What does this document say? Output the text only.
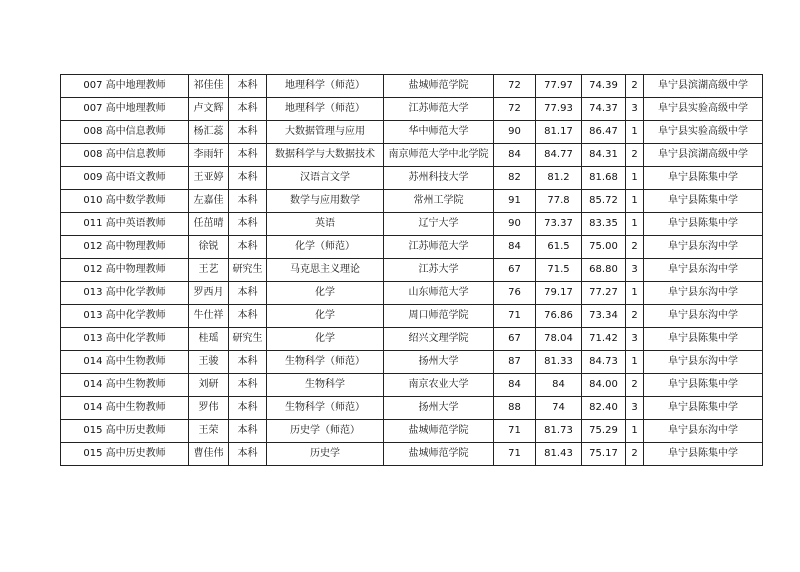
007 高中地理教师	祁佳佳	本科	地理科学（师范）	盐城师范学院	72	77.97	74.39	2	阜宁县滨湖高级中学
007 高中地理教师	卢文辉	本科	地理科学（师范）	江苏师范大学	72	77.93	74.37	3	阜宁县实验高级中学
008 高中信息教师	杨汇蕊	本科	大数据管理与应用	华中师范大学	90	81.17	86.47	1	阜宁县实验高级中学
008 高中信息教师	李雨轩	本科	数据科学与大数据技术	南京师范大学中北学院	84	84.77	84.31	2	阜宁县滨湖高级中学
009 高中语文教师	王亚婷	本科	汉语言文学	苏州科技大学	82	81.2	81.68	1	阜宁县陈集中学
010 高中数学教师	左嘉佳	本科	数学与应用数学	常州工学院	91	77.8	85.72	1	阜宁县陈集中学
011 高中英语教师	任茁晴	本科	英语	辽宁大学	90	73.37	83.35	1	阜宁县陈集中学
012 高中物理教师	徐锐	本科	化学（师范）	江苏师范大学	84	61.5	75.00	2	阜宁县东沟中学
012 高中物理教师	王艺	研究生	马克思主义理论	江苏大学	67	71.5	68.80	3	阜宁县东沟中学
013 高中化学教师	罗西月	本科	化学	山东师范大学	76	79.17	77.27	1	阜宁县东沟中学
013 高中化学教师	牛仕祥	本科	化学	周口师范学院	71	76.86	73.34	2	阜宁县东沟中学
013 高中化学教师	桂瑶	研究生	化学	绍兴文理学院	67	78.04	71.42	3	阜宁县陈集中学
014 高中生物教师	王骏	本科	生物科学（师范）	扬州大学	87	81.33	84.73	1	阜宁县东沟中学
014 高中生物教师	刘研	本科	生物科学	南京农业大学	84	84	84.00	2	阜宁县陈集中学
014 高中生物教师	罗伟	本科	生物科学（师范）	扬州大学	88	74	82.40	3	阜宁县陈集中学
015 高中历史教师	王荣	本科	历史学（师范）	盐城师范学院	71	81.73	75.29	1	阜宁县东沟中学
015 高中历史教师	曹佳伟	本科	历史学	盐城师范学院	71	81.43	75.17	2	阜宁县陈集中学
